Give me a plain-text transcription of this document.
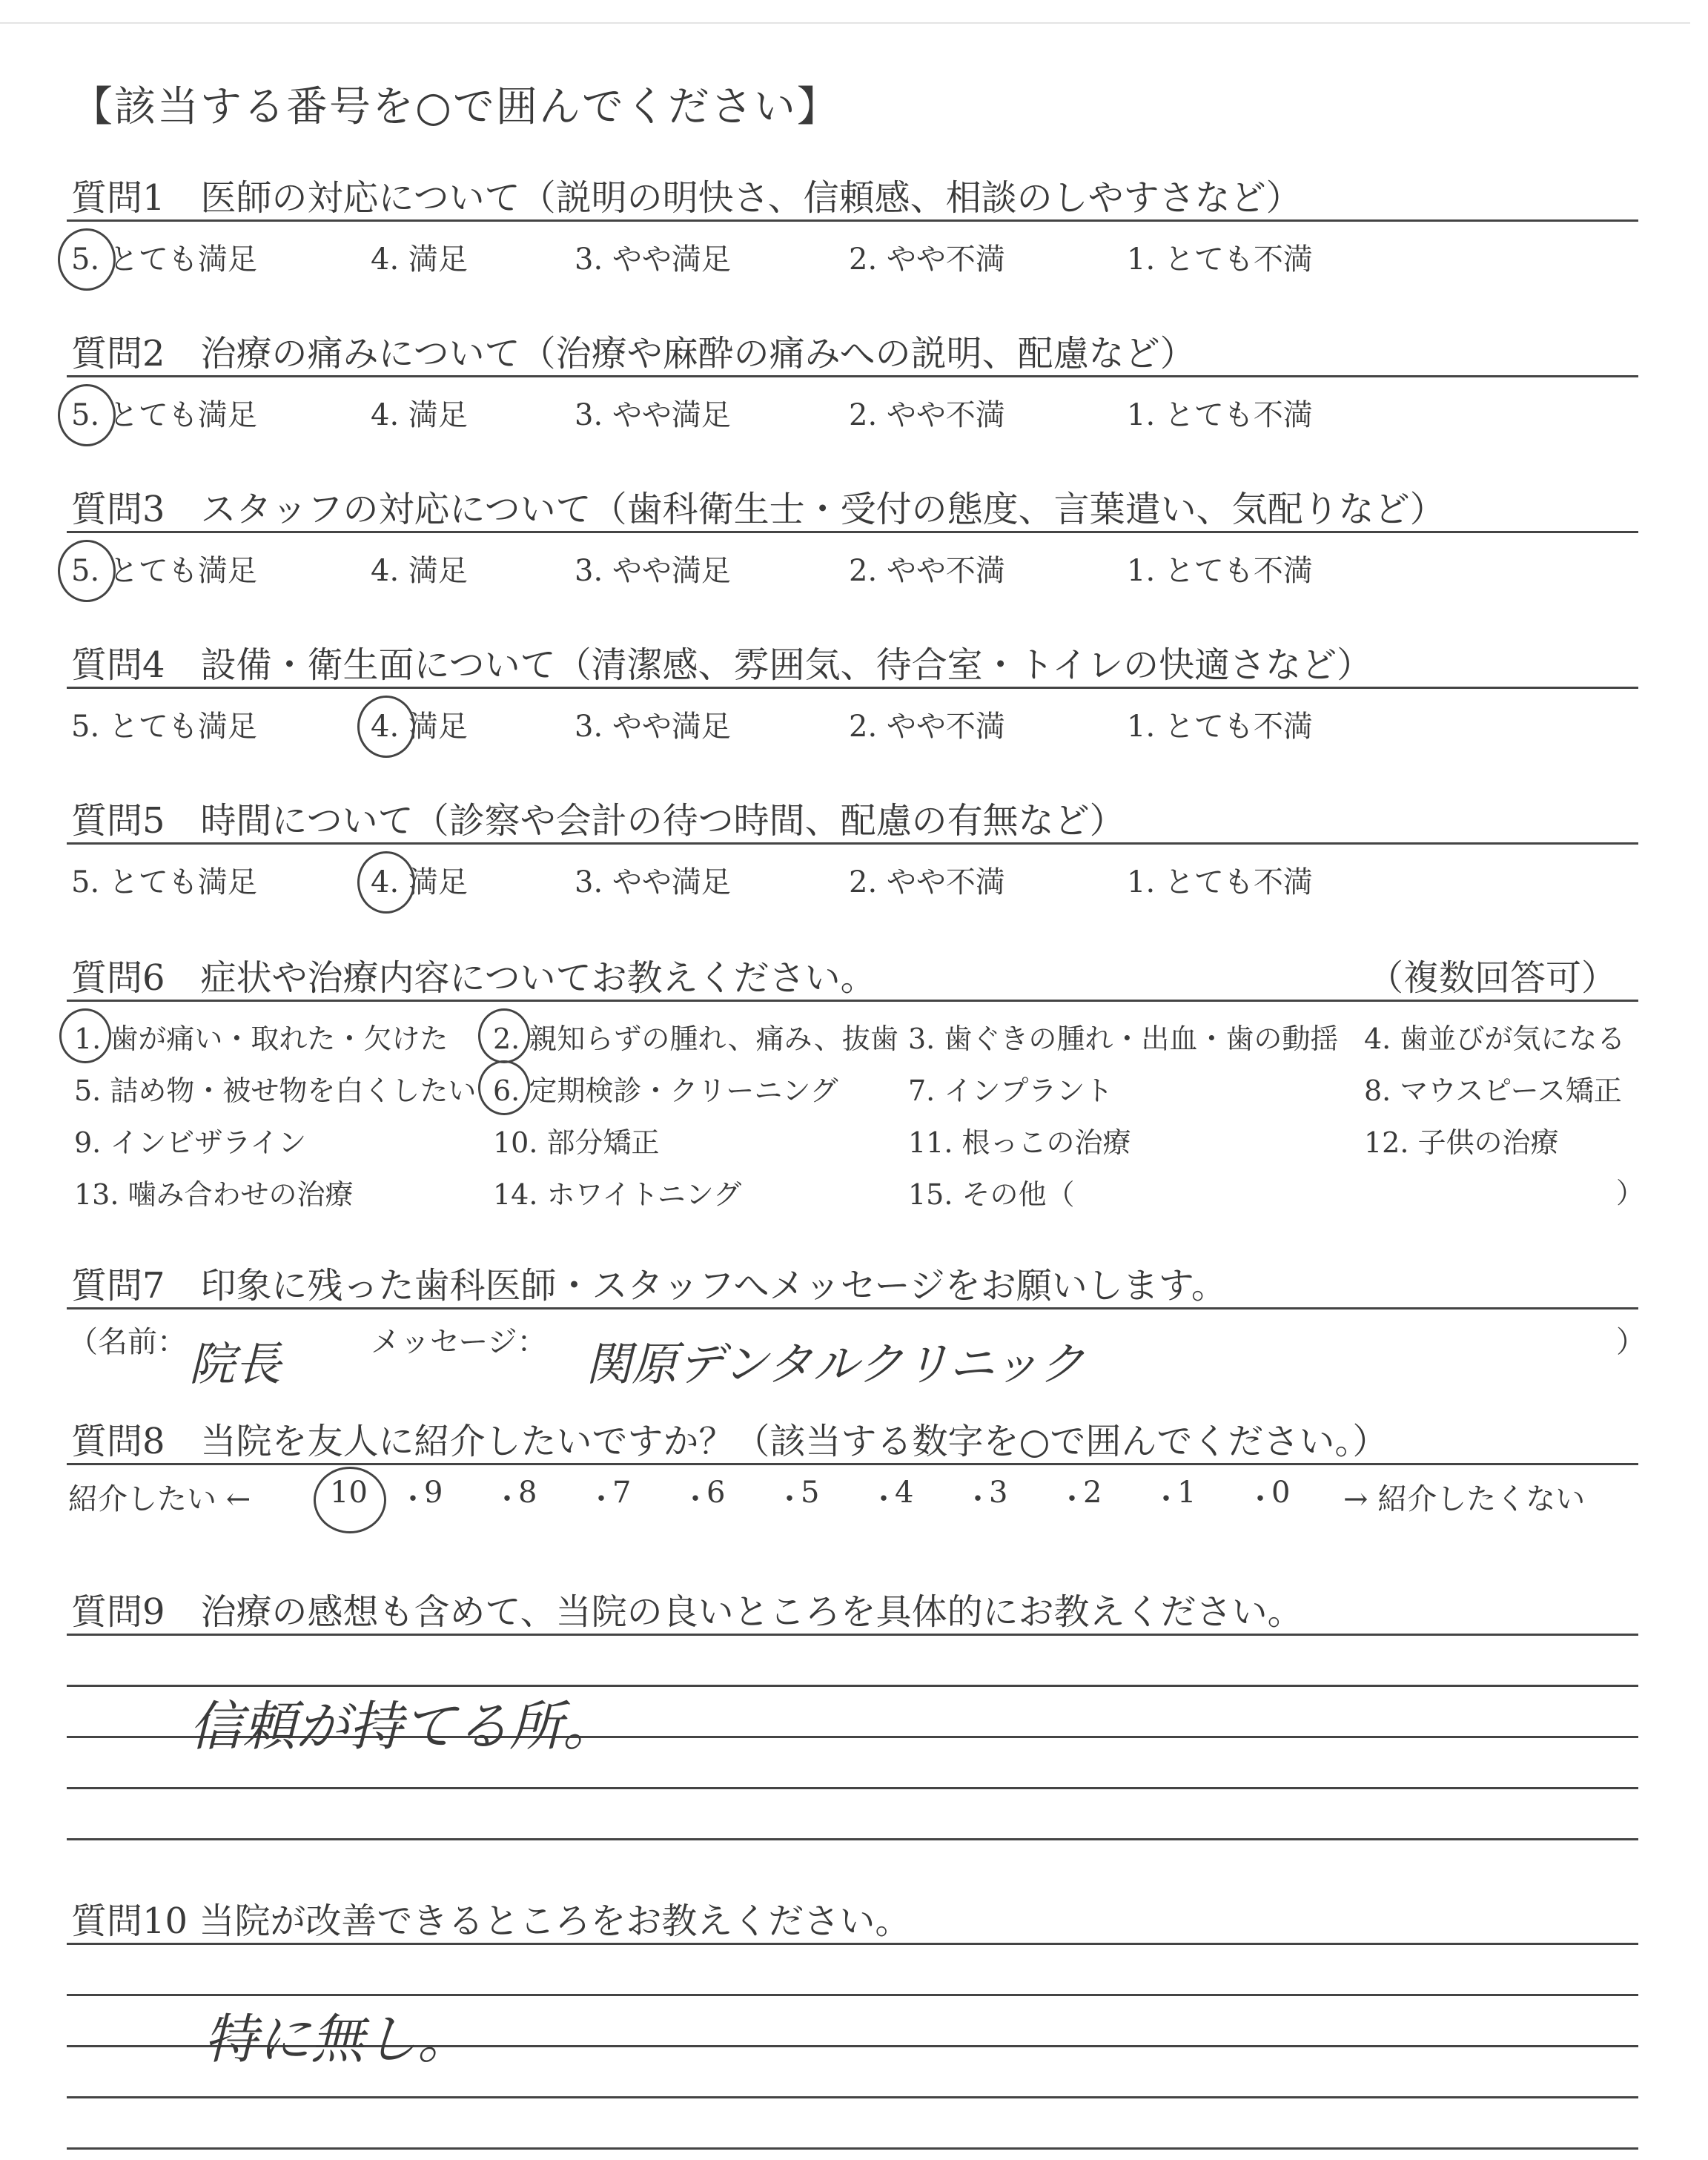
【該当する番号を○で囲んでください】
質問1　医師の対応について（説明の明快さ、信頼感、相談のしやすさなど）
5. とても満足	4. 満足	3. やや満足	2. やや不満	1. とても不満
質問2　治療の痛みについて（治療や麻酔の痛みへの説明、配慮など）
5. とても満足	4. 満足	3. やや満足	2. やや不満	1. とても不満
質問3　スタッフの対応について（歯科衛生士・受付の態度、言葉遣い、気配りなど）
5. とても満足	4. 満足	3. やや満足	2. やや不満	1. とても不満
質問4　設備・衛生面について（清潔感、雰囲気、待合室・トイレの快適さなど）
5. とても満足	4. 満足	3. やや満足	2. やや不満	1. とても不満
質問5　時間について（診察や会計の待つ時間、配慮の有無など）
5. とても満足	4. 満足	3. やや満足	2. やや不満	1. とても不満
質問6　症状や治療内容についてお教えください。	（複数回答可）
1. 歯が痛い・取れた・欠けた 2. 親知らずの腫れ、痛み、抜歯 3. 歯ぐきの腫れ・出血・歯の動揺 4. 歯並びが気になる
5. 詰め物・被せ物を白くしたい 6. 定期検診・クリーニング 7. インプラント	8. マウスピース矯正
9. インビザライン	10. 部分矯正	11. 根っこの治療	12. 子供の治療
13. 噛み合わせの治療	14. ホワイトニング	15. その他（	）
質問7　印象に残った歯科医師・スタッフへメッセージをお願いします。
（名前： 院長	メッセージ： 関原デンタルクリニック	）
質問8　当院を友人に紹介したいですか？（該当する数字を○で囲んでください。）
紹介したい ←	10 ・
9 ・
8 ・
7 ・
6 ・
5 ・
4 ・
3 ・
2 ・
1 ・
0 → 紹介したくない
質問9　治療の感想も含めて、当院の良いところを具体的にお教えください。
信頼が持てる所。
質問10 当院が改善できるところをお教えください。
特に無し。
